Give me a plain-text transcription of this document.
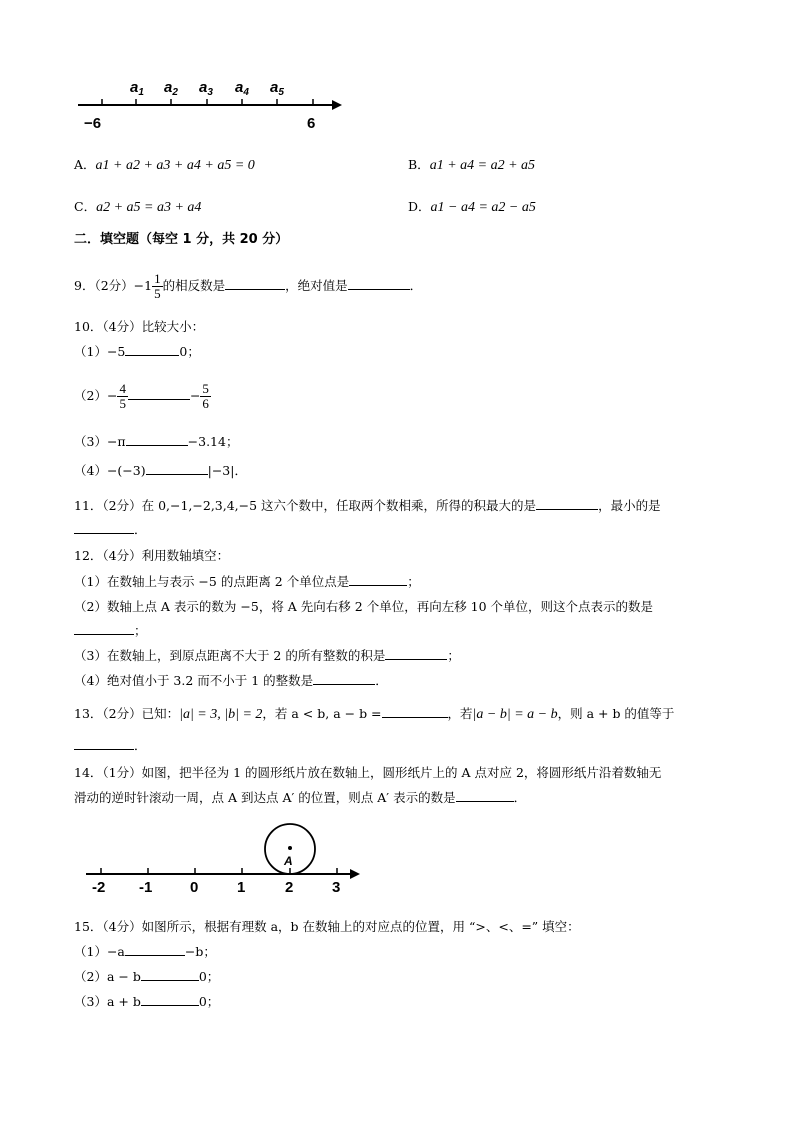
$a_1$ $a_2$ $a_3$ $a_4$ $a_5$
−6	6
A．a1 + a2 + a3 + a4 + a5 = 0	B．a1 + a4 = a2 + a5
C．a2 + a5 = a3 + a4	D．a1 − a4 = a2 − a5
二．填空题（每空 1 分，共 20 分）
9．（2分）$-1 \frac{1}{5}$ 的相反数是	，绝对值是	．
10．（4分）比较大小：
（1）−5	0；
$(2)- \frac{4}{5}$	− $\frac{5}{6}$
（3）−π	−3.14；
（4）−(−3)	|−3|．
11．（2分）在 0,−1,−2,3,4,−5 这六个数中，任取两个数相乘，所得的积最大的是	，最小的是
．
12．（4分）利用数轴填空：
（1）在数轴上与表示 −5 的点距离 2 个单位点是	；
（2）数轴上点 A 表示的数为 −5，将 A 先向右移 2 个单位，再向左移 10 个单位，则这个点表示的数是
；
（3）在数轴上，到原点距离不大于 2 的所有整数的积是	；
（4）绝对值小于 3.2 而不小于 1 的整数是	．
13．（2分）已知：|a| = 3, |b| = 2，若 a < b, a − b =	，若|a − b| = a − b，则 a + b 的值等于
．
14．（1分）如图，把半径为 1 的圆形纸片放在数轴上，圆形纸片上的 A 点对应 2，将圆形纸片沿着数轴无
滑动的逆时针滚动一周，点 A 到达点 A′ 的位置，则点 A′ 表示的数是	．
A
-2 -1	0	1	2	3
15．（4分）如图所示，根据有理数 a，b 在数轴上的对应点的位置，用 “>、<、=” 填空：
（1）−a	−b；
（2）a − b	0；
（3）a + b	0；
